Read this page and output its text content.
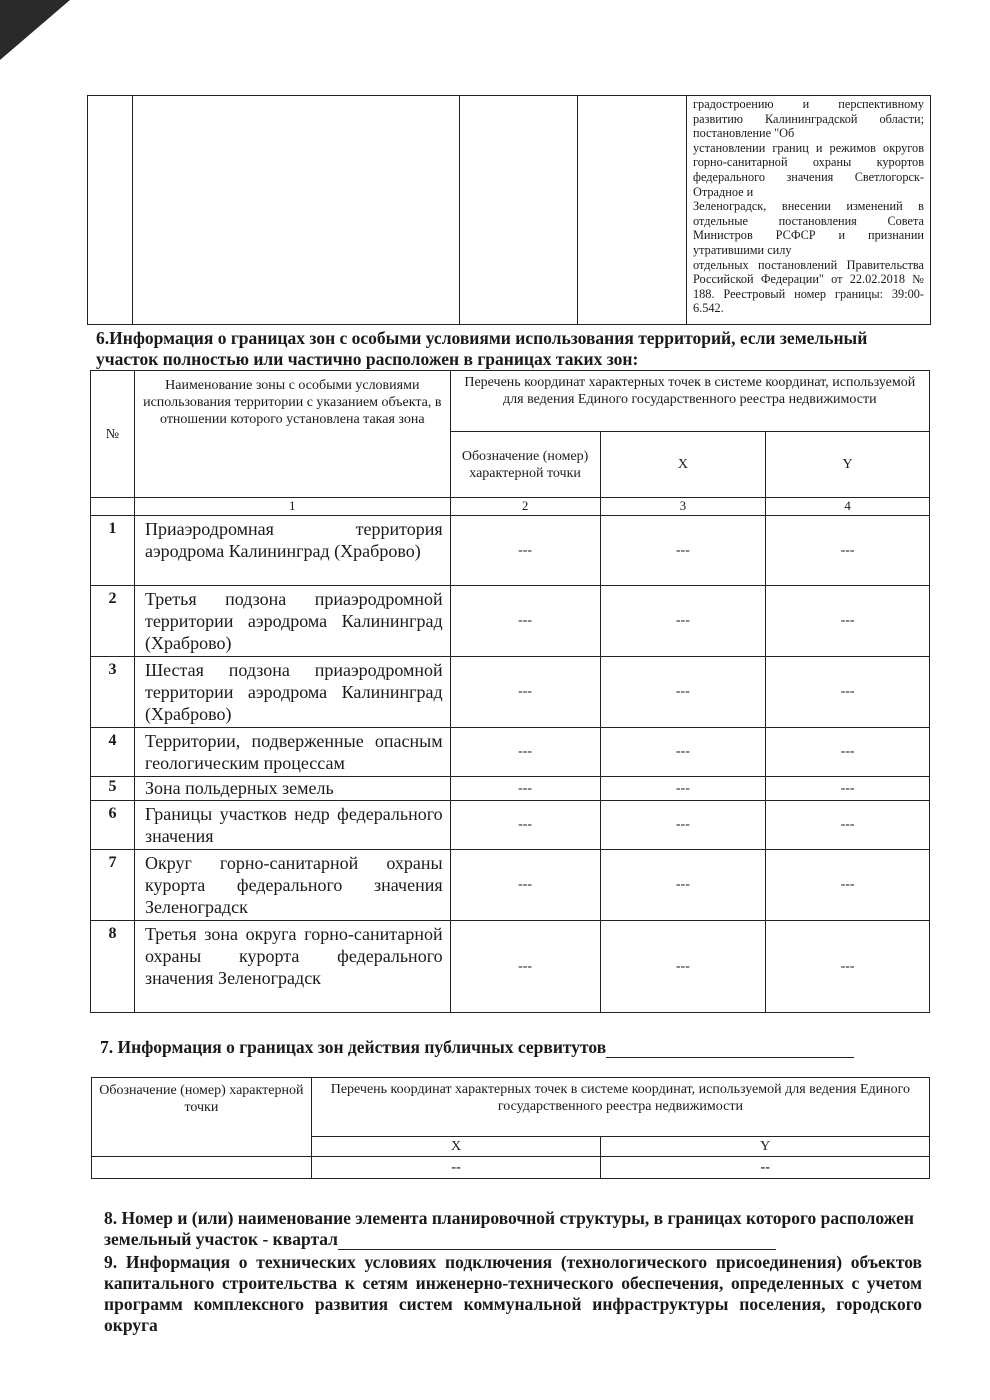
градостроению и перспективному развитию Калининградской области; постановление "Об
установлении границ и режимов округов горно-санитарной охраны курортов федерального значения Светлогорск-Отрадное и
Зеленоградск, внесении изменений в отдельные постановления Совета Министров РСФСР и признании утратившими силу
отдельных постановлений Правительства Российской Федерации" от 22.02.2018 № 188. Реестровый номер границы: 39:00-6.542.
6.Информация о границах зон с особыми условиями использования территорий, если земельный участок полностью или частично расположен в границах таких зон:
№	Наименование зоны с особыми условиями использования территории с указанием объекта, в отношении которого установлена такая зона	Перечень координат характерных точек в системе координат, используемой для ведения Единого государственного реестра недвижимости		
		Обозначение (номер) характерной точки	X	Y
	1	2	3	4
1	Приаэродромная территория аэродрома Калининград (Храброво)	---	---	---
2	Третья подзона приаэродромной территории аэродрома Калининград (Храброво)	---	---	---
3	Шестая подзона приаэродромной территории аэродрома Калининград (Храброво)	---	---	---
4	Территории, подверженные опасным геологическим процессам	---	---	---
5	Зона польдерных земель	---	---	---
6	Границы участков недр федерального значения	---	---	---
7	Округ горно-санитарной охраны курорта федерального значения Зеленоградск	---	---	---
8	Третья зона округа горно-санитарной охраны курорта федерального значения Зеленоградск	---	---	---
7. Информация о границах зон действия публичных сервитутов
Обозначение (номер) характерной точки	Перечень координат характерных точек в системе координат, используемой для ведения Единого государственного реестра недвижимости	
	X	Y
	--	--
8. Номер и (или) наименование элемента планировочной структуры, в границах которого расположен земельный участок - квартал
9. Информация о технических условиях подключения (технологического присоединения) объектов капитального строительства к сетям инженерно-технического обеспечения, определенных с учетом программ комплексного развития систем коммунальной инфраструктуры поселения, городского округа
